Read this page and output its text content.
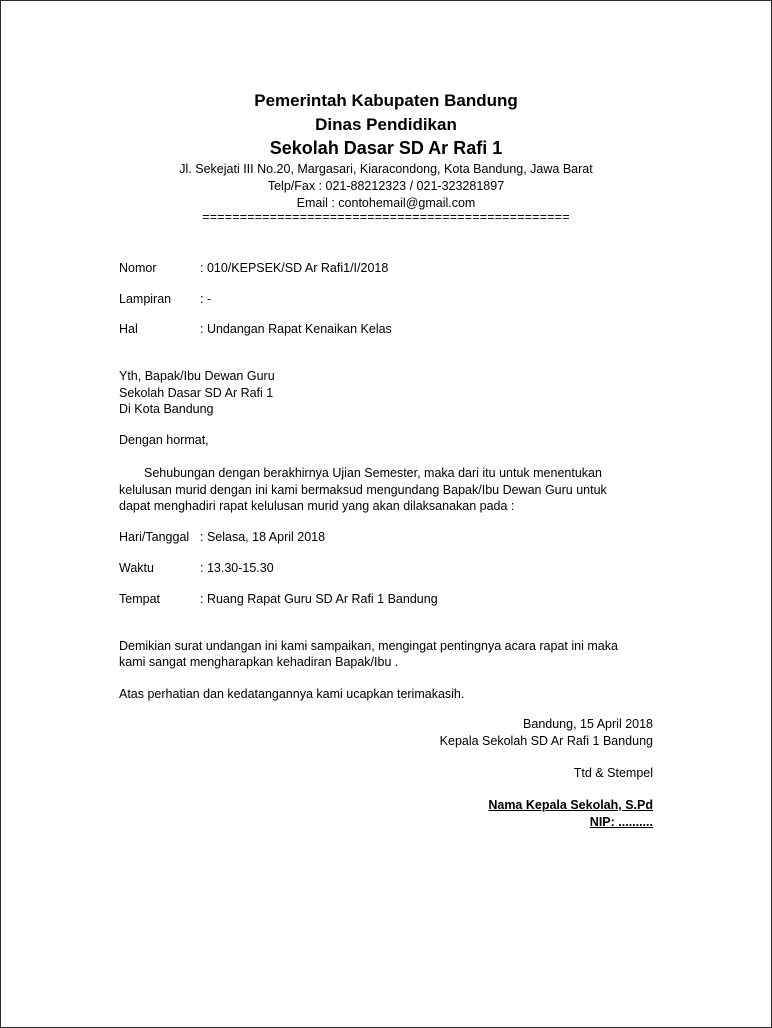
Pemerintah Kabupaten Bandung
Dinas Pendidikan
Sekolah Dasar SD Ar Rafi 1
Jl. Sekejati III No.20, Margasari, Kiaracondong, Kota Bandung, Jawa Barat
Telp/Fax : 021-88212323 / 021-323281897
Email : contohemail@gmail.com
=================================================
Nomor	: 010/KEPSEK/SD Ar Rafi1/I/2018
Lampiran : -
Hal	: Undangan Rapat Kenaikan Kelas
Yth, Bapak/Ibu Dewan Guru
Sekolah Dasar SD Ar Rafi 1
Di Kota Bandung
Dengan hormat,
Sehubungan dengan berakhirnya Ujian Semester, maka dari itu untuk menentukan
kelulusan murid dengan ini kami bermaksud mengundang Bapak/Ibu Dewan Guru untuk
dapat menghadiri rapat kelulusan murid yang akan dilaksanakan pada :
Hari/Tanggal : Selasa, 18 April 2018
Waktu	: 13.30-15.30
Tempat	: Ruang Rapat Guru SD Ar Rafi 1 Bandung
Demikian surat undangan ini kami sampaikan, mengingat pentingnya acara rapat ini maka
kami sangat mengharapkan kehadiran Bapak/Ibu .
Atas perhatian dan kedatangannya kami ucapkan terimakasih.
Bandung, 15 April 2018
Kepala Sekolah SD Ar Rafi 1 Bandung
Ttd & Stempel
Nama Kepala Sekolah, S.Pd
NIP: ..........
